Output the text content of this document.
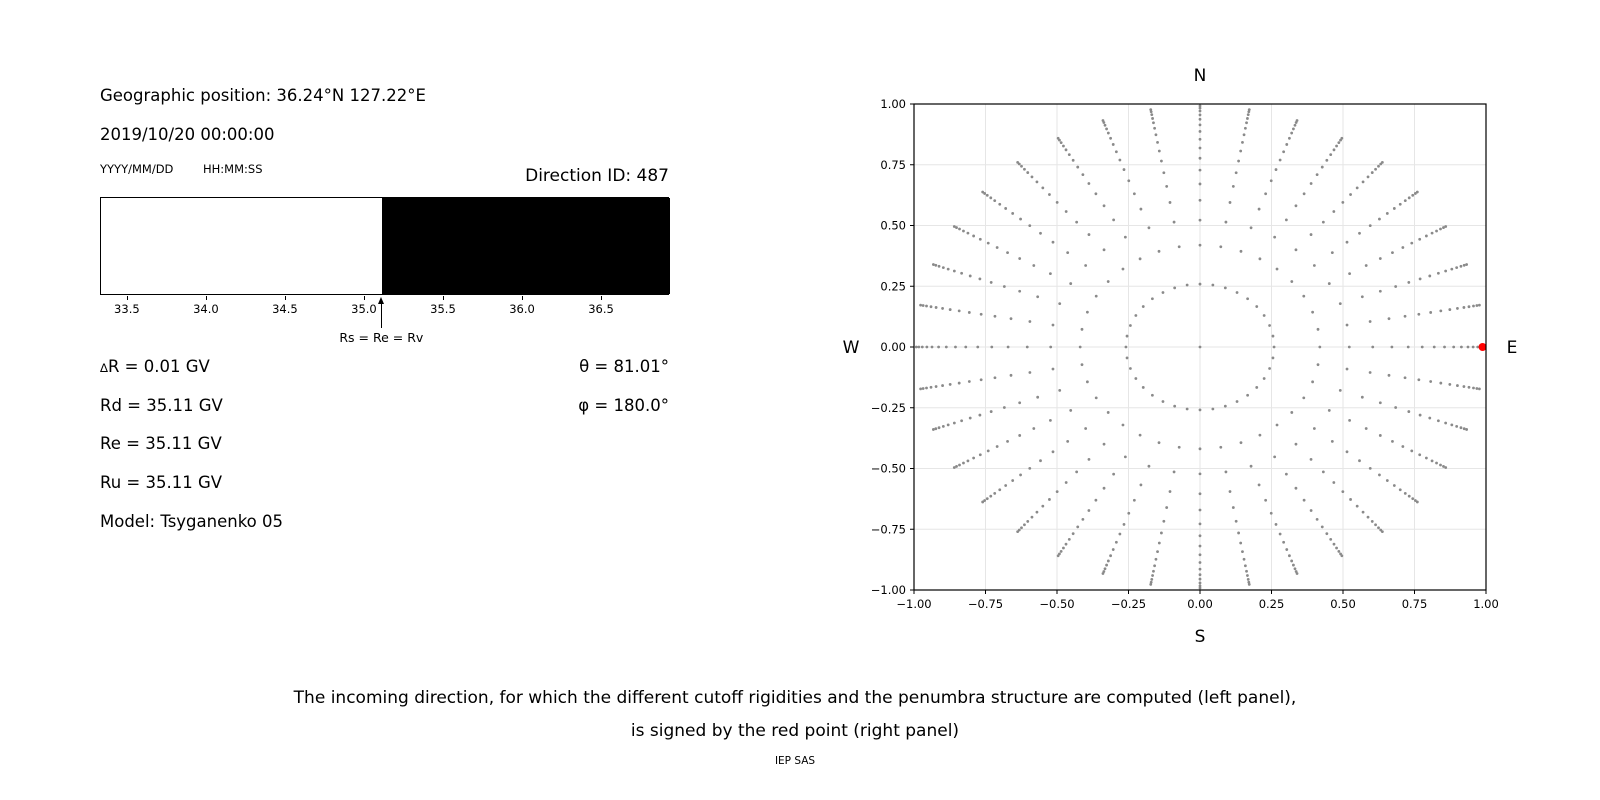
Geographic position: 36.24°N 127.22°E
2019/10/20 00:00:00
YYYY/MM/DD	HH:MM:SS	Direction ID: 487
33.5	34.0	34.5	35.0	35.5	36.0	36.5
Rs = Re = Rv
∆R = 0.01 GV
Rd = 35.11 GV
Re = 35.11 GV
Ru = 35.11 GV
Model: Tsyganenko 05
θ = 81.01°
φ = 180.0°
N
S
W	E
−1.00	−0.75	−0.50	−0.25	0.00	0.25	0.50	0.75	1.00
1.00
0.75
0.50
0.25
0.00
−0.25
−0.50
−0.75
−1.00
The incoming direction, for which the different cutoff rigidities and the penumbra structure are computed (left panel),
is signed by the red point (right panel)
IEP SAS
